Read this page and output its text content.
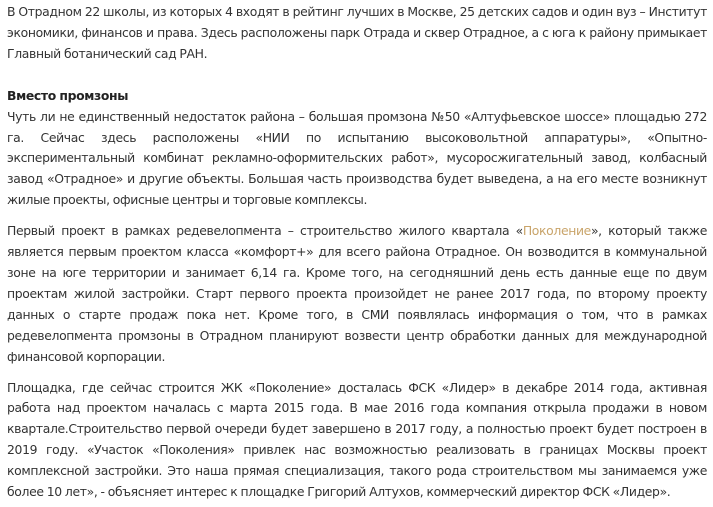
В Отрадном 22 школы, из которых 4 входят в рейтинг лучших в Москве, 25 детских садов и один вуз – Институт экономики, финансов и права. Здесь расположены парк Отрада и сквер Отрадное, а с юга к району примыкает Главный ботанический сад РАН.

Вместо промзоны
Чуть ли не единственный недостаток района – большая промзона №50 «Алтуфьевское шоссе» площадью 272 га. Сейчас здесь расположены «НИИ по испытанию высоковольтной аппаратуры», «Опытно-экспериментальный комбинат рекламно-оформительских работ», мусоросжигательный завод, колбасный завод «Отрадное» и другие объекты. Большая часть производства будет выведена, а на его месте возникнут жилые проекты, офисные центры и торговые комплексы.

Первый проект в рамках редевелопмента – строительство жилого квартала «Поколение», который также является первым проектом класса «комфорт+» для всего района Отрадное. Он возводится в коммунальной зоне на юге территории и занимает 6,14 га. Кроме того, на сегодняшний день есть данные еще по двум проектам жилой застройки. Старт первого проекта произойдет не ранее 2017 года, по второму проекту данных о старте продаж пока нет. Кроме того, в СМИ появлялась информация о том, что в рамках редевелопмента промзоны в Отрадном планируют возвести центр обработки данных для международной финансовой корпорации.

Площадка, где сейчас строится ЖК «Поколение» досталась ФСК «Лидер» в декабре 2014 года, активная работа над проектом началась с марта 2015 года. В мае 2016 года компания открыла продажи в новом квартале.Строительство первой очереди будет завершено в 2017 году, а полностью проект будет построен в 2019 году. «Участок «Поколения» привлек нас возможностью реализовать в границах Москвы проект комплексной застройки. Это наша прямая специализация, такого рода строительством мы занимаемся уже более 10 лет», - объясняет интерес к площадке Григорий Алтухов, коммерческий директор ФСК «Лидер».
